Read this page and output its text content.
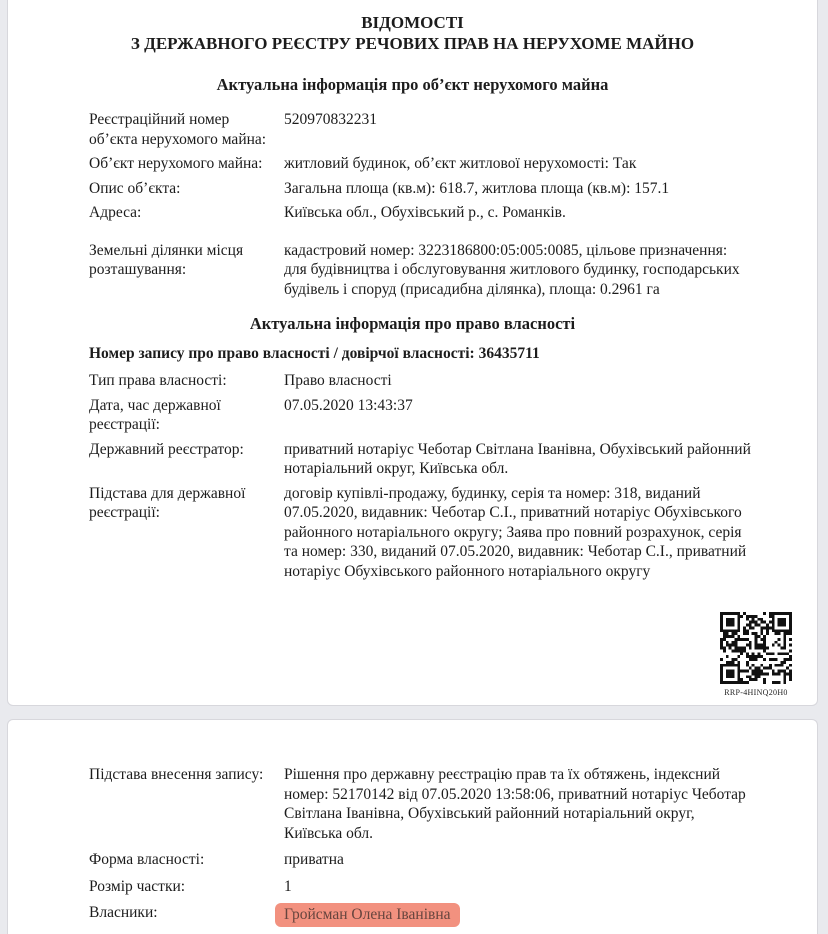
ВІДОМОСТІ
З ДЕРЖАВНОГО РЕЄСТРУ РЕЧОВИХ ПРАВ НА НЕРУХОМЕ МАЙНО
Актуальна інформація про об’єкт нерухомого майна
Реєстраційний номер об’єкта нерухомого майна:
520970832231
Об’єкт нерухомого майна:	житловий будинок, об’єкт житлової нерухомості: Так
Опис об’єкта:	Загальна площа (кв.м): 618.7, житлова площа (кв.м): 157.1
Адреса:	Київська обл., Обухівський р., с. Романків.
Земельні ділянки місця розташування:
кадастровий номер: 3223186800:05:005:0085, цільове призначення: для будівництва і обслуговування житлового будинку, господарських будівель і споруд (присадибна ділянка), площа: 0.2961 га
Актуальна інформація про право власності
Номер запису про право власності / довірчої власності: 36435711
Тип права власності:	Право власності
Дата, час державної реєстрації:
07.05.2020 13:43:37
Державний реєстратор:	приватний нотаріус Чеботар Світлана Іванівна, Обухівський районний нотаріальний округ, Київська обл.
Підстава для державної реєстрації:
договір купівлі-продажу, будинку, серія та номер: 318, виданий 07.05.2020, видавник: Чеботар С.І., приватний нотаріус Обухівського районного нотаріального округу; Заява про повний розрахунок, серія та номер: 330, виданий 07.05.2020, видавник: Чеботар С.І., приватний нотаріус Обухівського районного нотаріального округу
RRP-4HINQ20H0
Підстава внесення запису:	Рішення про державну реєстрацію прав та їх обтяжень, індексний номер: 52170142 від 07.05.2020 13:58:06, приватний нотаріус Чеботар Світлана Іванівна, Обухівський районний нотаріальний округ, Київська обл.
Форма власності:	приватна
Розмір частки:	1
Власники:	Гройсман Олена Іванівна
